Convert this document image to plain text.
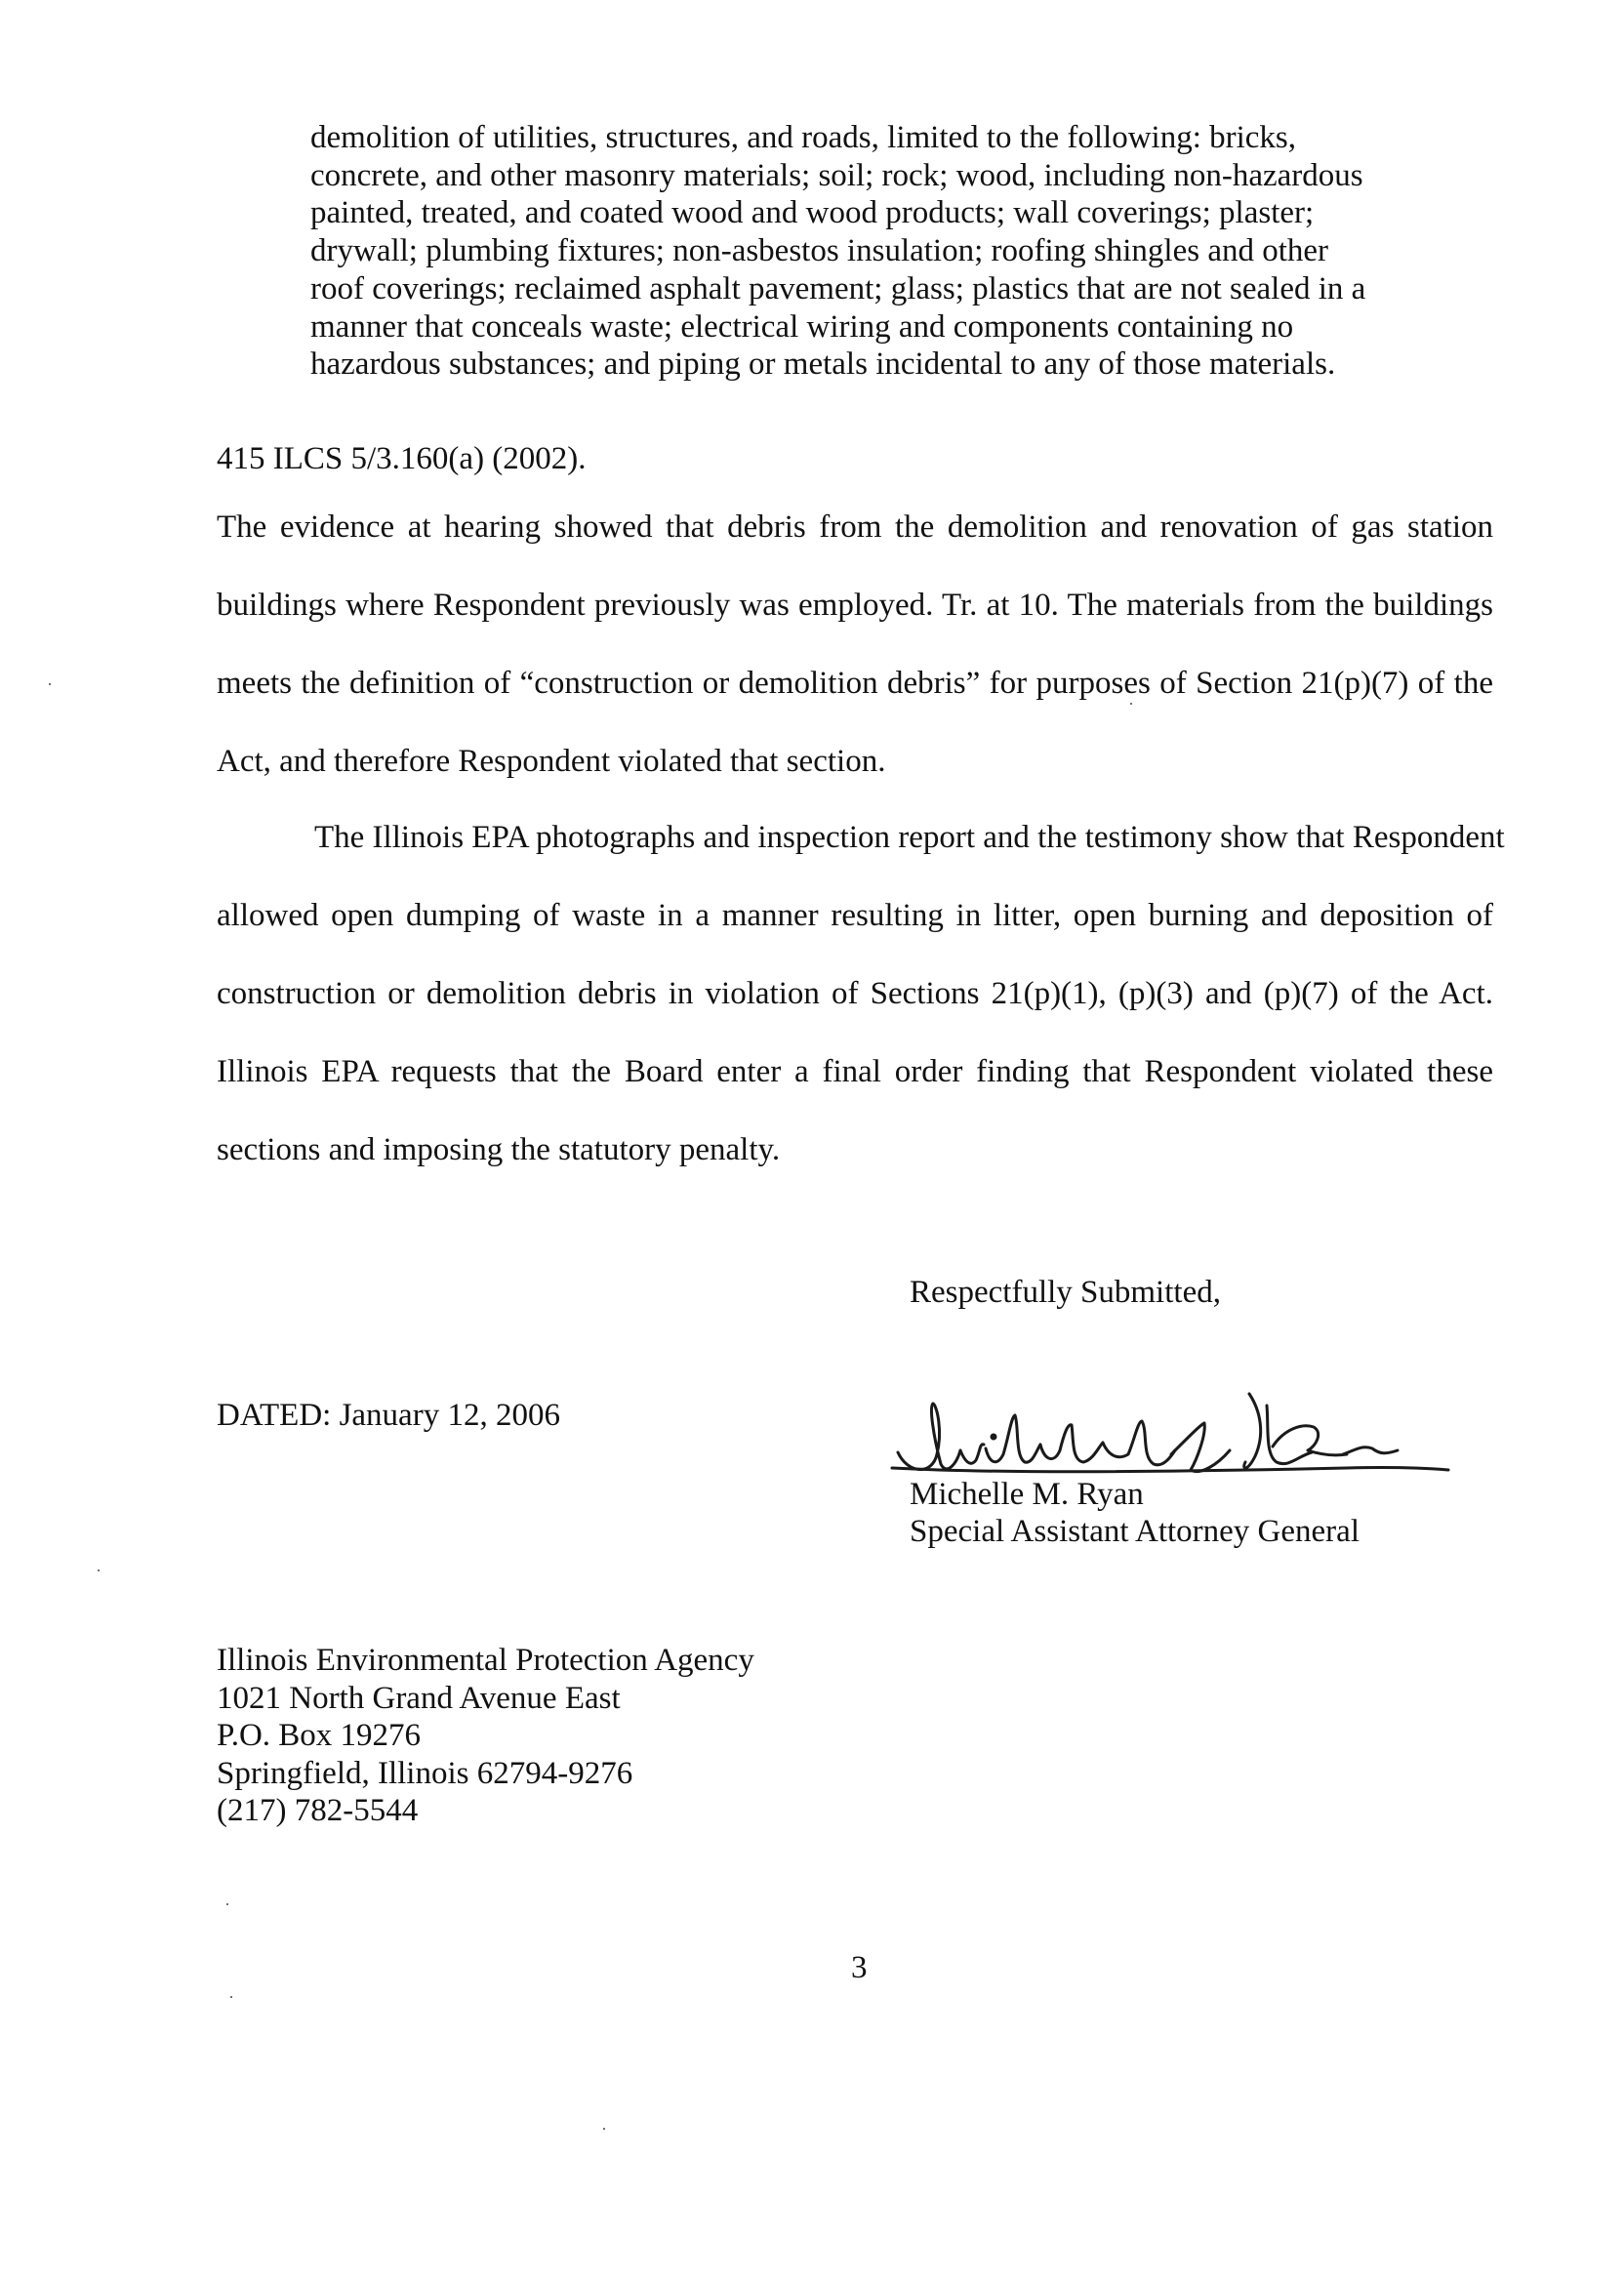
demolition of utilities, structures, and roads, limited to the following: bricks,
concrete, and other masonry materials; soil; rock; wood, including non-hazardous
painted, treated, and coated wood and wood products; wall coverings; plaster;
drywall; plumbing fixtures; non-asbestos insulation; roofing shingles and other
roof coverings; reclaimed asphalt pavement; glass; plastics that are not sealed in a
manner that conceals waste; electrical wiring and components containing no
hazardous substances; and piping or metals incidental to any of those materials.
415 ILCS 5/3.160(a) (2002).
The evidence at hearing showed that debris from the demolition and renovation of gas station
buildings where Respondent previously was employed. Tr. at 10. The materials from the buildings
meets the definition of “construction or demolition debris” for purposes of Section 21(p)(7) of the
Act, and therefore Respondent violated that section.
The Illinois EPA photographs and inspection report and the testimony show that Respondent
allowed open dumping of waste in a manner resulting in litter, open burning and deposition of
construction or demolition debris in violation of Sections 21(p)(1), (p)(3) and (p)(7) of the Act.
Illinois EPA requests that the Board enter a final order finding that Respondent violated these
sections and imposing the statutory penalty.
Respectfully Submitted,
DATED: January 12, 2006
Michelle M. Ryan
Special Assistant Attorney General
Illinois Environmental Protection Agency
1021 North Grand Avenue East
P.O. Box 19276
Springfield, Illinois 62794-9276
(217) 782-5544
3
